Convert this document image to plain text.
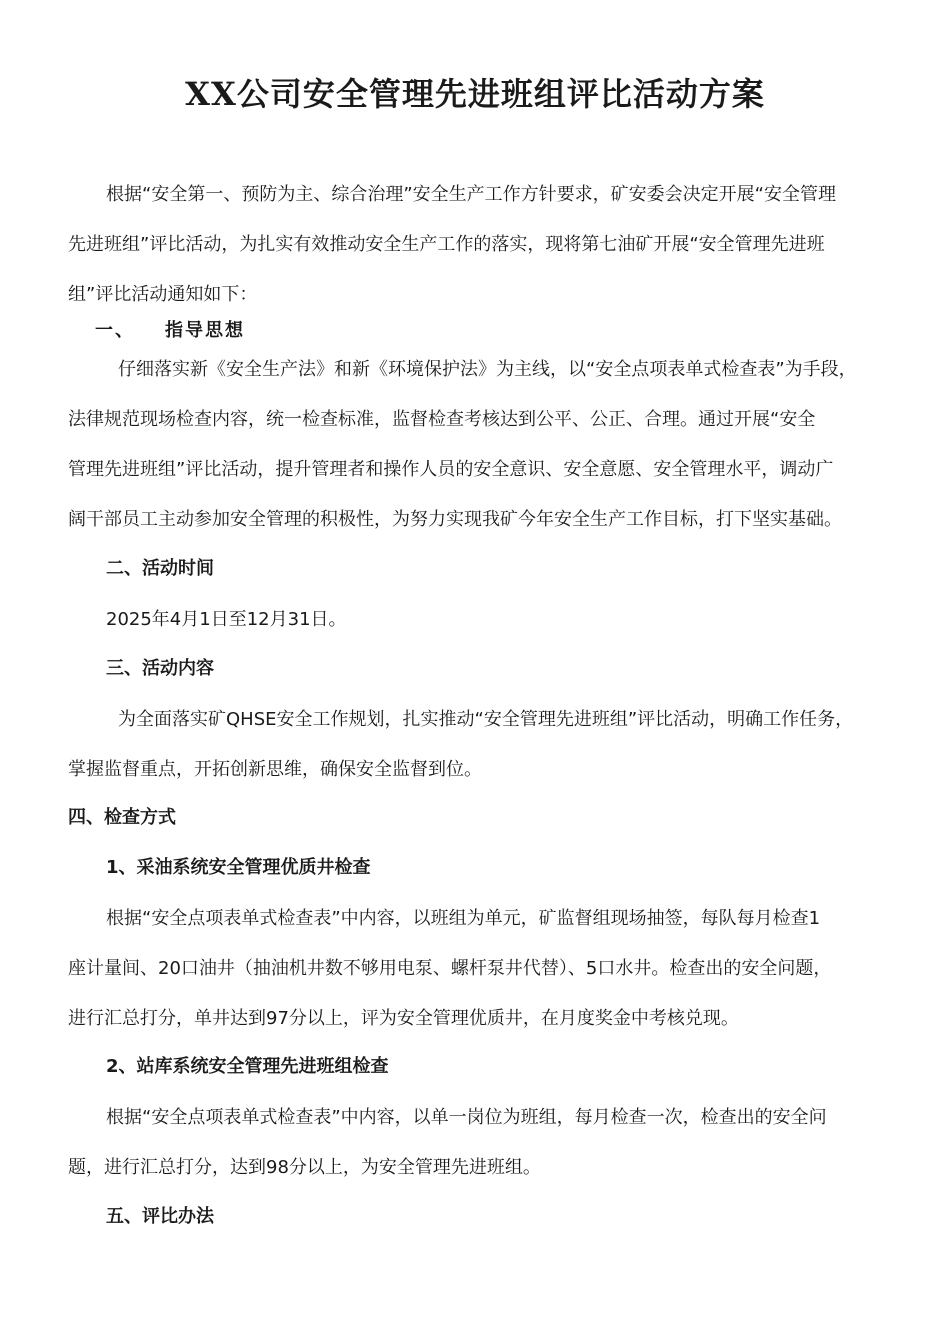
XX公司安全管理先进班组评比活动方案
根据“安全第一、预防为主、综合治理”安全生产工作方针要求，矿安委会决定开展“安全管理
先进班组”评比活动，为扎实有效推动安全生产工作的落实，现将第七油矿开展“安全管理先进班
组”评比活动通知如下：
一、 指导思想
仔细落实新《安全生产法》和新《环境保护法》为主线，以“安全点项表单式检查表”为手段，
法律规范现场检查内容，统一检查标准，监督检查考核达到公平、公正、合理。通过开展“安全
管理先进班组”评比活动，提升管理者和操作人员的安全意识、安全意愿、安全管理水平，调动广
阔干部员工主动参加安全管理的积极性，为努力实现我矿今年安全生产工作目标，打下坚实基础。
二、活动时间
2025年4月1日至12月31日。
三、活动内容
为全面落实矿QHSE安全工作规划，扎实推动“安全管理先进班组”评比活动，明确工作任务，
掌握监督重点，开拓创新思维，确保安全监督到位。
四、检查方式
1、采油系统安全管理优质井检查
根据“安全点项表单式检查表”中内容，以班组为单元，矿监督组现场抽签，每队每月检查1
座计量间、20口油井（抽油机井数不够用电泵、螺杆泵井代替）、5口水井。检查出的安全问题，
进行汇总打分，单井达到97分以上，评为安全管理优质井，在月度奖金中考核兑现。
2、站库系统安全管理先进班组检查
根据“安全点项表单式检查表”中内容，以单一岗位为班组，每月检查一次，检查出的安全问
题，进行汇总打分，达到98分以上，为安全管理先进班组。
五、评比办法
